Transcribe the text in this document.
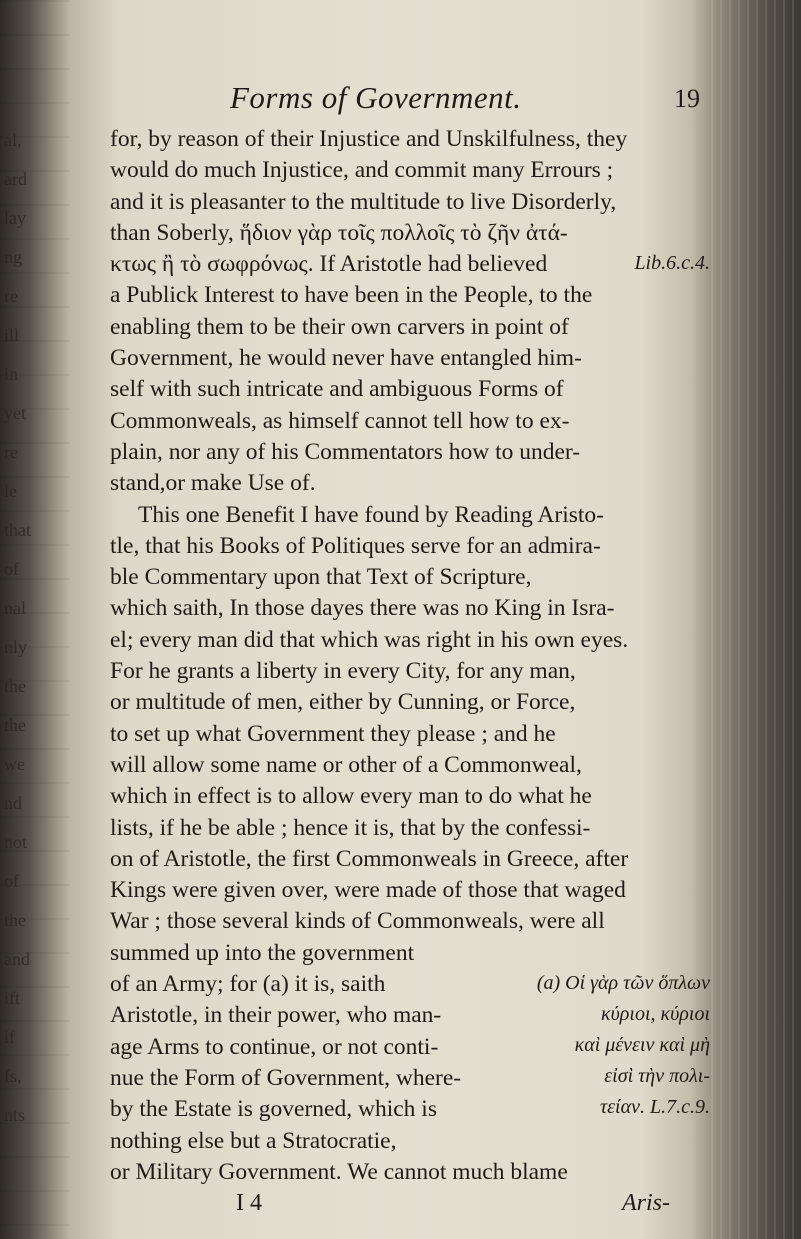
al,
ard
lay
ng
re
ill
in
yet
re
le
that
of
nal
nly
the
the
we
nd
not
of
the
and
ift
if
fs,
nts
Forms of Government.	19
for, by reason of their Injustice and Unskilfulness, they
would do much Injustice, and commit many Errours ;
and it is pleasanter to the multitude to live Disorderly,
than Soberly, ἥδιον γὰρ τοῖς πολλοῖς τὸ ζῆν ἀτά-
κτως ἢ τὸ σωφρόνως. If Aristotle had believed
a Publick Interest to have been in the People, to the
enabling them to be their own carvers in point of
Government, he would never have entangled him-
self with such intricate and ambiguous Forms of
Commonweals, as himself cannot tell how to ex-
plain, nor any of his Commentators how to under-
stand,or make Use of.
This one Benefit I have found by Reading Aristo-
tle, that his Books of Politiques serve for an admira-
ble Commentary upon that Text of Scripture,
which saith, In those dayes there was no King in Isra-
el; every man did that which was right in his own eyes.
For he grants a liberty in every City, for any man,
or multitude of men, either by Cunning, or Force,
to set up what Government they please ; and he
will allow some name or other of a Commonweal,
which in effect is to allow every man to do what he
lists, if he be able ; hence it is, that by the confessi-
on of Aristotle, the first Commonweals in Greece, after
Kings were given over, were made of those that waged
War ; those several kinds of Commonweals, were all
summed up into the government
of an Army; for (a) it is, saith
Aristotle, in their power, who man-
age Arms to continue, or not conti-
nue the Form of Government, where-
by the Estate is governed, which is
nothing else but a Stratocratie,
or Military Government. We cannot much blame
Lib.6.c.4.
(a) Οἱ γὰρ τῶν ὅπλων
κύριοι, κύριοι
καὶ μένειν καὶ μὴ
εἰσὶ τὴν πολι-
τείαν. L.7.c.9.
I 4	Aris-
